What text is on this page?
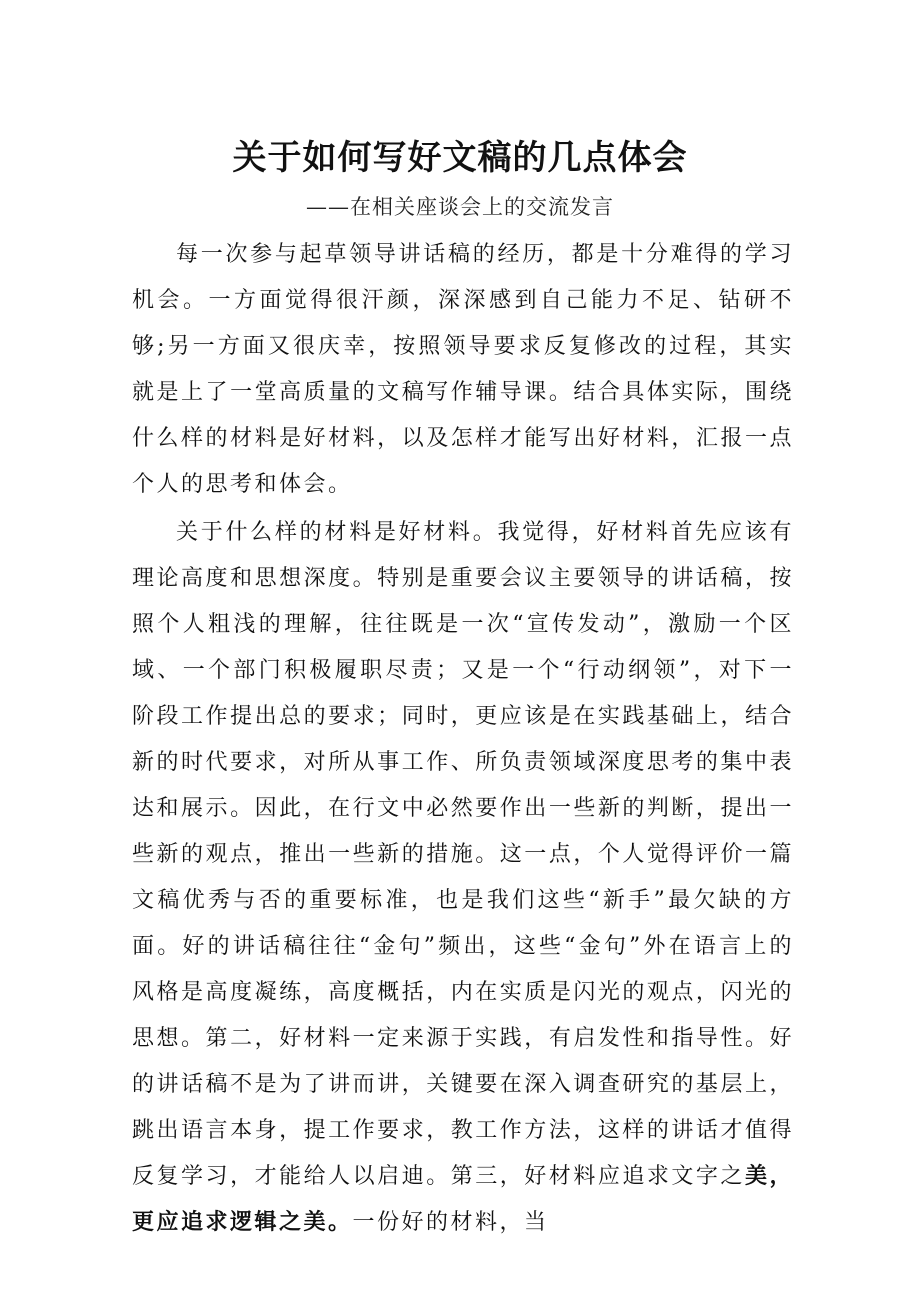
关于如何写好文稿的几点体会
——在相关座谈会上的交流发言

每一次参与起草领导讲话稿的经历，都是十分难得的学习机会。一方面觉得很汗颜，深深感到自己能力不足、钻研不够;另一方面又很庆幸，按照领导要求反复修改的过程，其实就是上了一堂高质量的文稿写作辅导课。结合具体实际，围绕什么样的材料是好材料，以及怎样才能写出好材料，汇报一点个人的思考和体会。

关于什么样的材料是好材料。我觉得，好材料首先应该有理论高度和思想深度。特别是重要会议主要领导的讲话稿，按照个人粗浅的理解，往往既是一次“宣传发动”，激励一个区域、一个部门积极履职尽责；又是一个“行动纲领”，对下一阶段工作提出总的要求；同时，更应该是在实践基础上，结合新的时代要求，对所从事工作、所负责领域深度思考的集中表达和展示。因此，在行文中必然要作出一些新的判断，提出一些新的观点，推出一些新的措施。这一点，个人觉得评价一篇文稿优秀与否的重要标准，也是我们这些“新手”最欠缺的方面。好的讲话稿往往“金句”频出，这些“金句”外在语言上的风格是高度凝练，高度概括，内在实质是闪光的观点，闪光的思想。第二，好材料一定来源于实践，有启发性和指导性。好的讲话稿不是为了讲而讲，关键要在深入调查研究的基层上，跳出语言本身，提工作要求，教工作方法，这样的讲话才值得反复学习，才能给人以启迪。第三，好材料应追求文字之美，更应追求逻辑之美。一份好的材料，当
